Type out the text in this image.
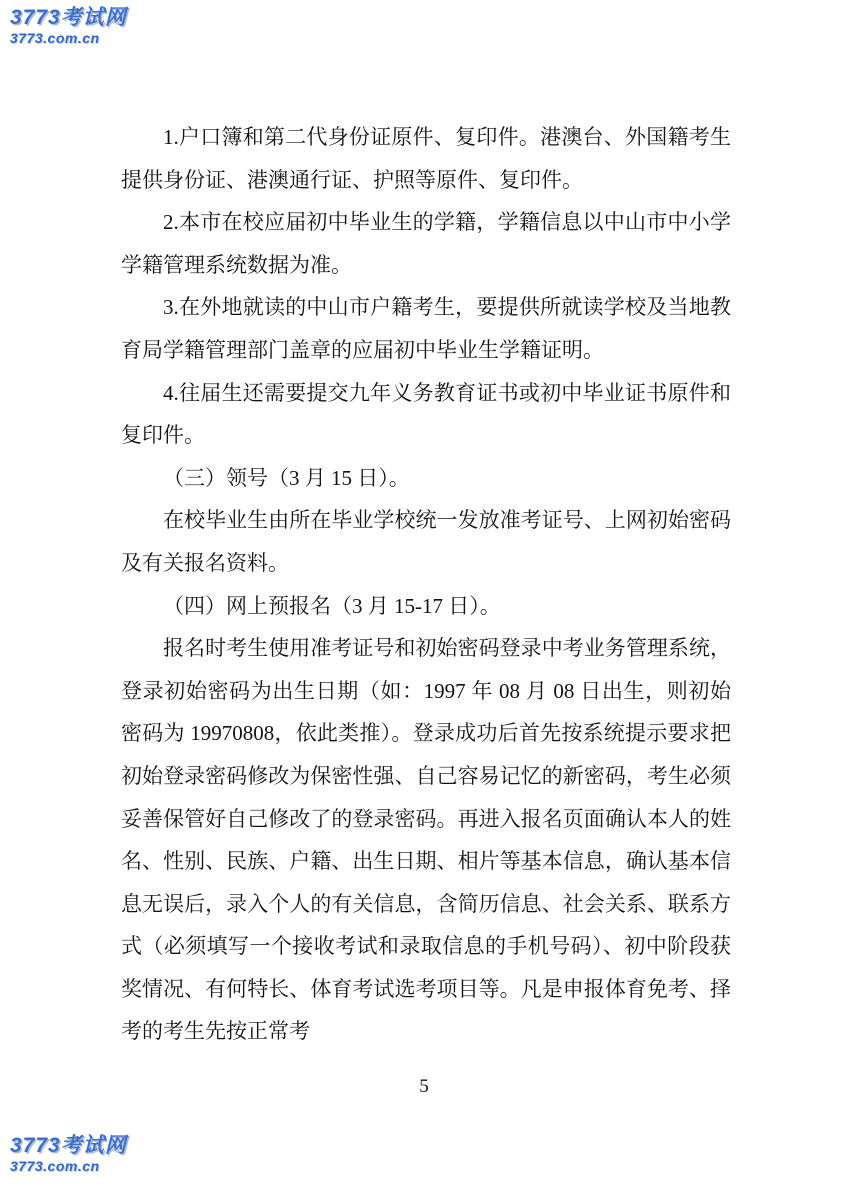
3773考试网
3773.com.cn

1.户口簿和第二代身份证原件、复印件。港澳台、外国籍考生提供身份证、港澳通行证、护照等原件、复印件。

2.本市在校应届初中毕业生的学籍，学籍信息以中山市中小学学籍管理系统数据为准。

3.在外地就读的中山市户籍考生，要提供所就读学校及当地教育局学籍管理部门盖章的应届初中毕业生学籍证明。

4.往届生还需要提交九年义务教育证书或初中毕业证书原件和复印件。

（三）领号（3 月 15 日）。

在校毕业生由所在毕业学校统一发放准考证号、上网初始密码及有关报名资料。

（四）网上预报名（3 月 15-17 日）。

报名时考生使用准考证号和初始密码登录中考业务管理系统，登录初始密码为出生日期（如：1997 年 08 月 08 日出生，则初始密码为 19970808，依此类推）。登录成功后首先按系统提示要求把初始登录密码修改为保密性强、自己容易记忆的新密码，考生必须妥善保管好自己修改了的登录密码。再进入报名页面确认本人的姓名、性别、民族、户籍、出生日期、相片等基本信息，确认基本信息无误后，录入个人的有关信息，含简历信息、社会关系、联系方式（必须填写一个接收考试和录取信息的手机号码）、初中阶段获奖情况、有何特长、体育考试选考项目等。凡是申报体育免考、择考的考生先按正常考

5
3773考试网
3773.com.cn
